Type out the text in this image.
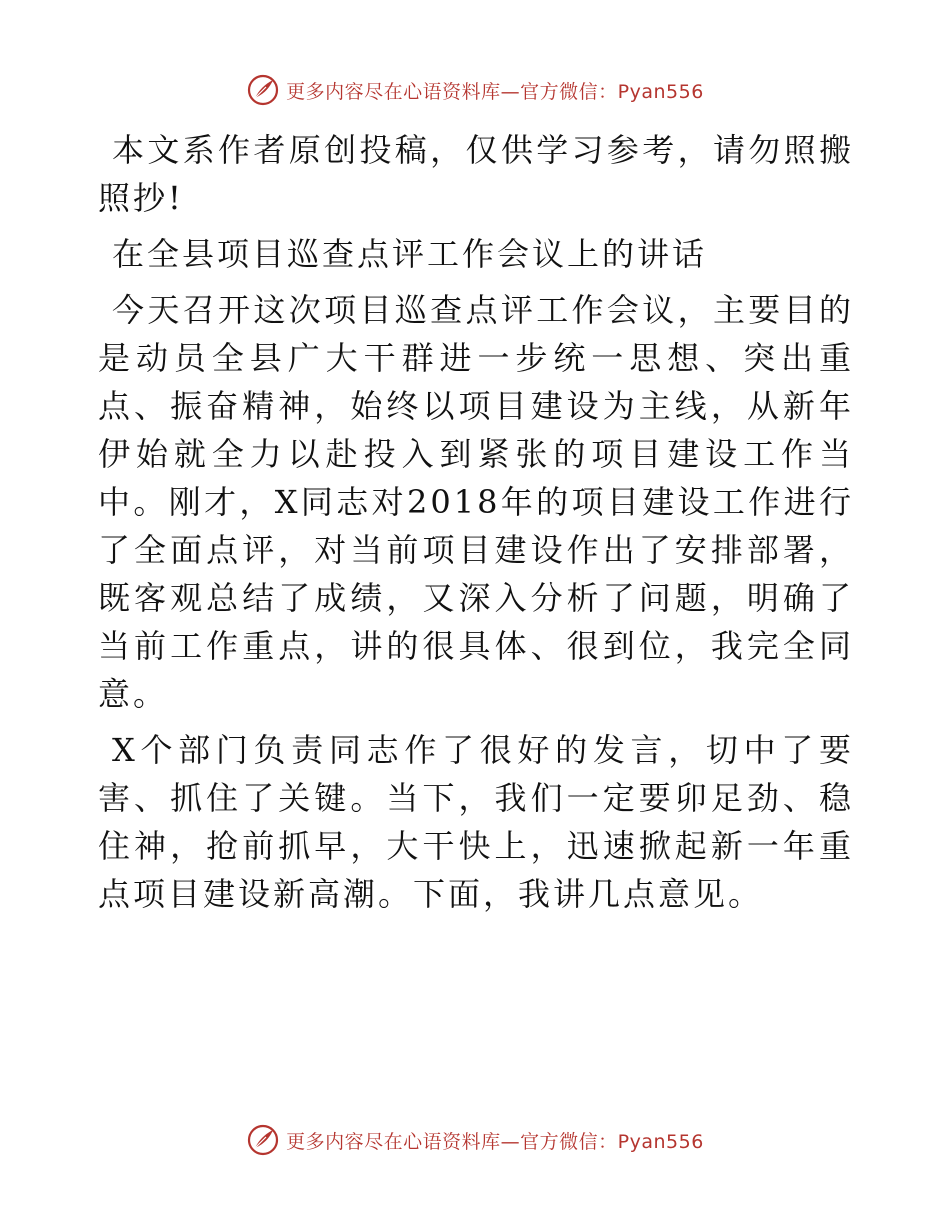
更多内容尽在心语资料库—官方微信：Pyan556

本文系作者原创投稿，仅供学习参考，请勿照搬照抄!

在全县项目巡查点评工作会议上的讲话

今天召开这次项目巡查点评工作会议，主要目的是动员全县广大干群进一步统一思想、突出重点、振奋精神，始终以项目建设为主线，从新年伊始就全力以赴投入到紧张的项目建设工作当中。刚才，X同志对2018年的项目建设工作进行了全面点评，对当前项目建设作出了安排部署，既客观总结了成绩，又深入分析了问题，明确了当前工作重点，讲的很具体、很到位，我完全同意。

X个部门负责同志作了很好的发言，切中了要害、抓住了关键。当下，我们一定要卯足劲、稳住神，抢前抓早，大干快上，迅速掀起新一年重点项目建设新高潮。下面，我讲几点意见。

更多内容尽在心语资料库—官方微信：Pyan556
